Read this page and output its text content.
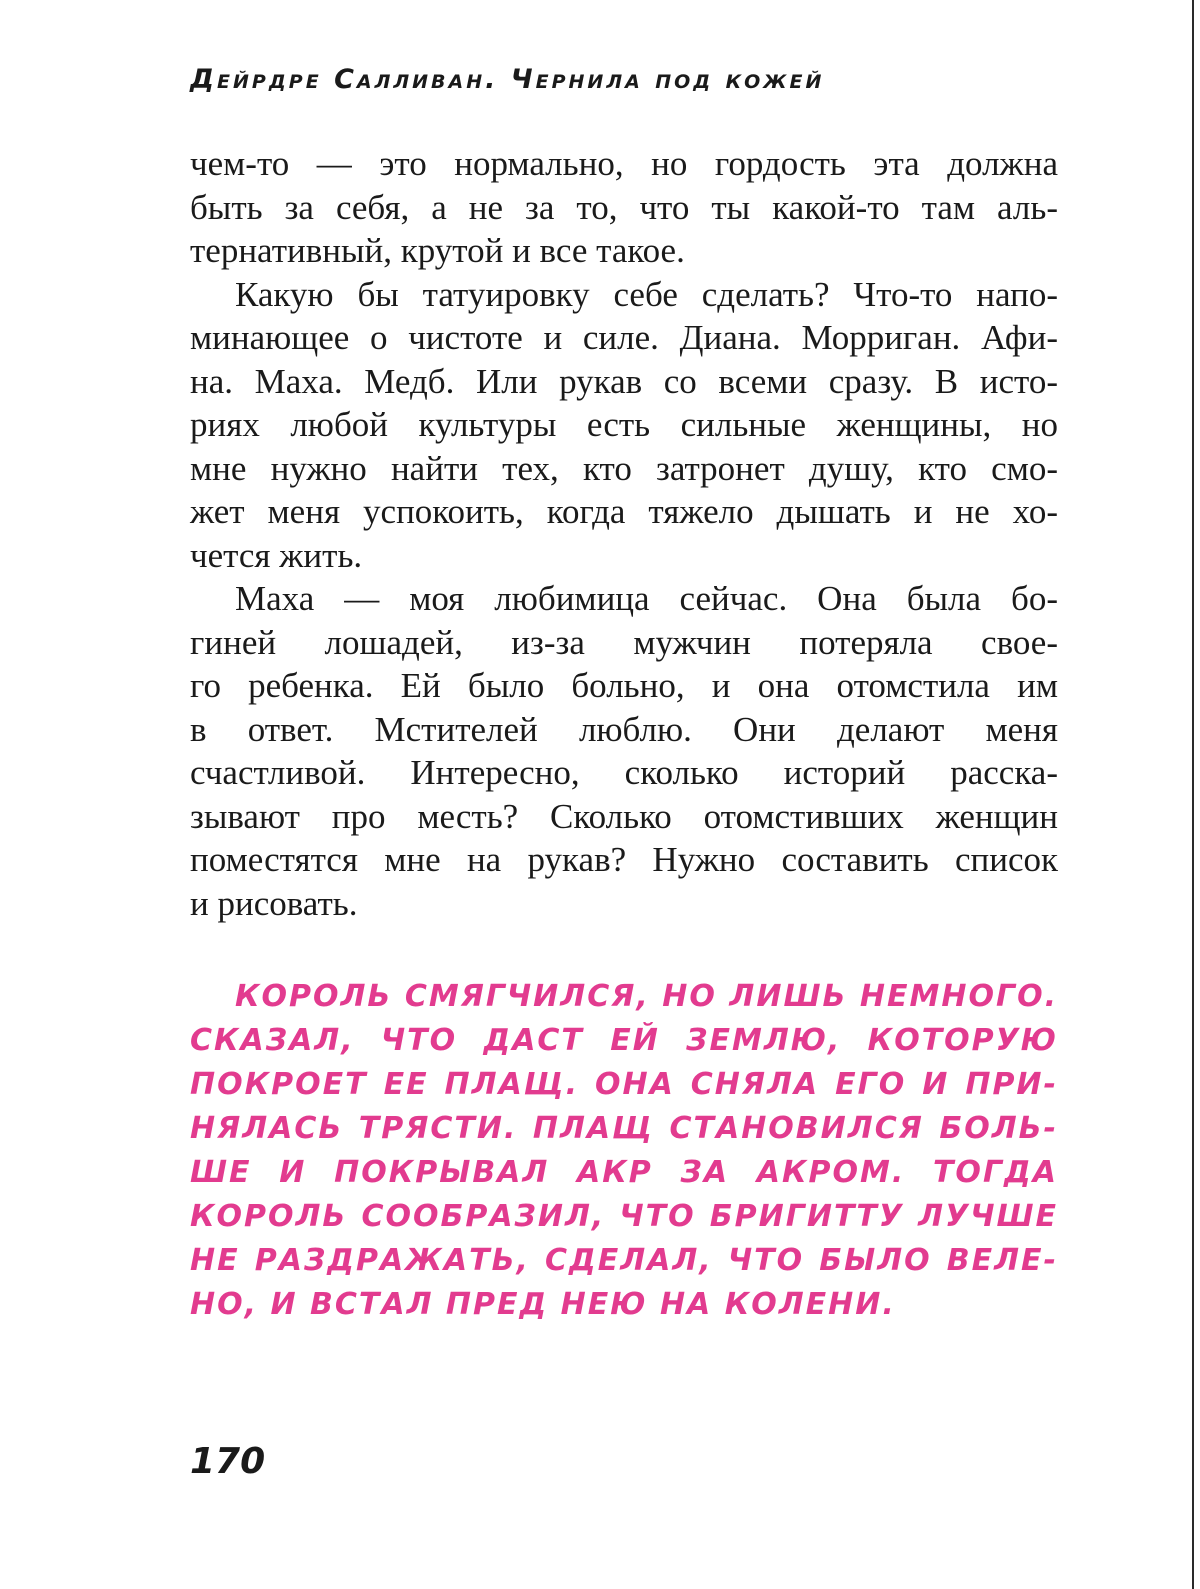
Дейрдре Салливан. Чернила под кожей

чем-то — это нормально, но гордость эта должна
быть за себя, а не за то, что ты какой-то там аль-
тернативный, крутой и все такое.

Какую бы татуировку себе сделать? Что-то напо-
минающее о чистоте и силе. Диана. Морриган. Афи-
на. Маха. Медб. Или рукав со всеми сразу. В исто-
риях любой культуры есть сильные женщины, но
мне нужно найти тех, кто затронет душу, кто смо-
жет меня успокоить, когда тяжело дышать и не хо-
чется жить.

Маха — моя любимица сейчас. Она была бо-
гиней лошадей, из-за мужчин потеряла свое-
го ребенка. Ей было больно, и она отомстила им
в ответ. Мстителей люблю. Они делают меня
счастливой. Интересно, сколько историй расска-
зывают про месть? Сколько отомстивших женщин
поместятся мне на рукав? Нужно составить список
и рисовать.

КОРОЛЬ СМЯГЧИЛСЯ, НО ЛИШЬ НЕМНОГО.
СКАЗАЛ, ЧТО ДАСТ ЕЙ ЗЕМЛЮ, КОТОРУЮ
ПОКРОЕТ ЕЕ ПЛАЩ. ОНА СНЯЛА ЕГО И ПРИ-
НЯЛАСЬ ТРЯСТИ. ПЛАЩ СТАНОВИЛСЯ БОЛЬ-
ШЕ И ПОКРЫВАЛ АКР ЗА АКРОМ. ТОГДА
КОРОЛЬ СООБРАЗИЛ, ЧТО БРИГИТТУ ЛУЧШЕ
НЕ РАЗДРАЖАТЬ, СДЕЛАЛ, ЧТО БЫЛО ВЕЛЕ-
НО, И ВСТАЛ ПРЕД НЕЮ НА КОЛЕНИ.
170
